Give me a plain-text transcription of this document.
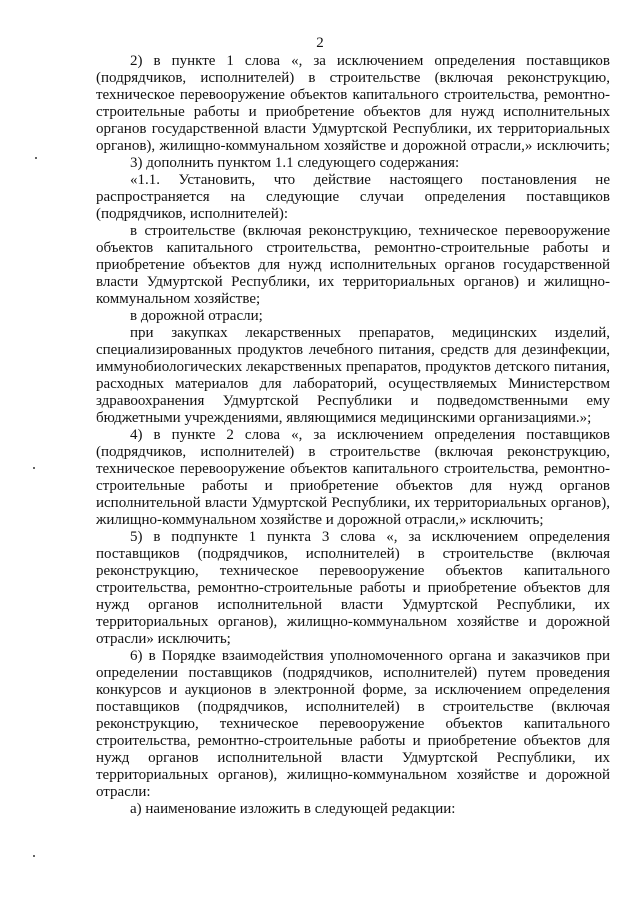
2
2) в пункте 1 слова «, за исключением определения поставщиков
(подрядчиков, исполнителей) в строительстве (включая реконструкцию,
техническое перевооружение объектов капитального строительства, ремонтно-
строительные работы и приобретение объектов для нужд исполнительных
органов государственной власти Удмуртской Республики, их территориальных
органов), жилищно-коммунальном хозяйстве и дорожной отрасли,» исключить;
3) дополнить пунктом 1.1 следующего содержания:
«1.1. Установить, что действие настоящего постановления не
распространяется на следующие случаи определения поставщиков
(подрядчиков, исполнителей):
в строительстве (включая реконструкцию, техническое перевооружение
объектов капитального строительства, ремонтно-строительные работы и
приобретение объектов для нужд исполнительных органов государственной
власти Удмуртской Республики, их территориальных органов) и жилищно-
коммунальном хозяйстве;
в дорожной отрасли;
при закупках лекарственных препаратов, медицинских изделий,
специализированных продуктов лечебного питания, средств для дезинфекции,
иммунобиологических лекарственных препаратов, продуктов детского питания,
расходных материалов для лабораторий, осуществляемых Министерством
здравоохранения Удмуртской Республики и подведомственными ему
бюджетными учреждениями, являющимися медицинскими организациями.»;
4) в пункте 2 слова «, за исключением определения поставщиков
(подрядчиков, исполнителей) в строительстве (включая реконструкцию,
техническое перевооружение объектов капитального строительства, ремонтно-
строительные работы и приобретение объектов для нужд органов
исполнительной власти Удмуртской Республики, их территориальных органов),
жилищно-коммунальном хозяйстве и дорожной отрасли,» исключить;
5) в подпункте 1 пункта 3 слова «, за исключением определения
поставщиков (подрядчиков, исполнителей) в строительстве (включая
реконструкцию, техническое перевооружение объектов капитального
строительства, ремонтно-строительные работы и приобретение объектов для
нужд органов исполнительной власти Удмуртской Республики, их
территориальных органов), жилищно-коммунальном хозяйстве и дорожной
отрасли» исключить;
6) в Порядке взаимодействия уполномоченного органа и заказчиков при
определении поставщиков (подрядчиков, исполнителей) путем проведения
конкурсов и аукционов в электронной форме, за исключением определения
поставщиков (подрядчиков, исполнителей) в строительстве (включая
реконструкцию, техническое перевооружение объектов капитального
строительства, ремонтно-строительные работы и приобретение объектов для
нужд органов исполнительной власти Удмуртской Республики, их
территориальных органов), жилищно-коммунальном хозяйстве и дорожной
отрасли:
а) наименование изложить в следующей редакции:
